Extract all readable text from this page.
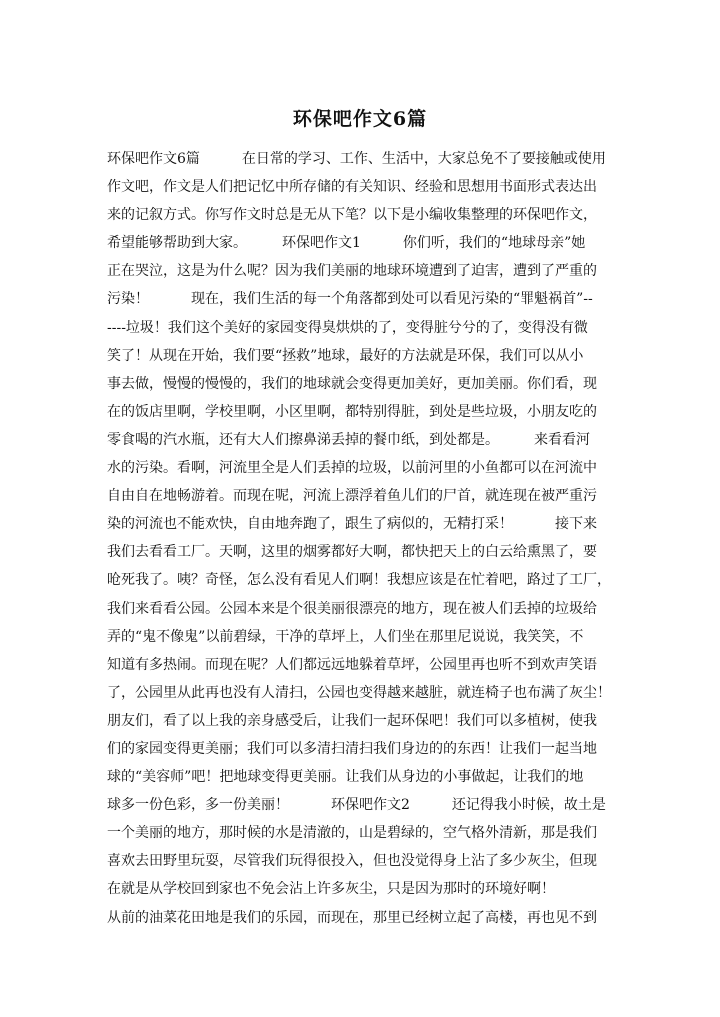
环保吧作文6篇
环保吧作文6篇　　　在日常的学习、工作、生活中，大家总免不了要接触或使用
作文吧，作文是人们把记忆中所存储的有关知识、经验和思想用书面形式表达出
来的记叙方式。你写作文时总是无从下笔？以下是小编收集整理的环保吧作文，
希望能够帮助到大家。　　　环保吧作文1　　　你们听，我们的“地球母亲”她
正在哭泣，这是为什么呢？因为我们美丽的地球环境遭到了迫害，遭到了严重的
污染！　　　现在，我们生活的每一个角落都到处可以看见污染的“罪魁祸首”--
----垃圾！我们这个美好的家园变得臭烘烘的了，变得脏兮兮的了，变得没有微
笑了！从现在开始，我们要“拯救”地球，最好的方法就是环保，我们可以从小
事去做，慢慢的慢慢的，我们的地球就会变得更加美好，更加美丽。你们看，现
在的饭店里啊，学校里啊，小区里啊，都特别得脏，到处是些垃圾，小朋友吃的
零食喝的汽水瓶，还有大人们擦鼻涕丢掉的餐巾纸，到处都是。　　　来看看河
水的污染。看啊，河流里全是人们丢掉的垃圾，以前河里的小鱼都可以在河流中
自由自在地畅游着。而现在呢，河流上漂浮着鱼儿们的尸首，就连现在被严重污
染的河流也不能欢快，自由地奔跑了，跟生了病似的，无精打采！　　　接下来
我们去看看工厂。天啊，这里的烟雾都好大啊，都快把天上的白云给熏黑了，要
呛死我了。咦？奇怪，怎么没有看见人们啊！我想应该是在忙着吧，路过了工厂，
我们来看看公园。公园本来是个很美丽很漂亮的地方，现在被人们丢掉的垃圾给
弄的“鬼不像鬼”以前碧绿，干净的草坪上，人们坐在那里尼说说，我笑笑，不
知道有多热闹。而现在呢？人们都远远地躲着草坪，公园里再也听不到欢声笑语
了，公园里从此再也没有人清扫，公园也变得越来越脏，就连椅子也布满了灰尘！
朋友们，看了以上我的亲身感受后，让我们一起环保吧！我们可以多植树，使我
们的家园变得更美丽；我们可以多清扫清扫我们身边的的东西！让我们一起当地
球的“美容师”吧！把地球变得更美丽。让我们从身边的小事做起，让我们的地
球多一份色彩，多一份美丽！　　　环保吧作文2　　　还记得我小时候，故土是
一个美丽的地方，那时候的水是清澈的，山是碧绿的，空气格外清新，那是我们
喜欢去田野里玩耍，尽管我们玩得很投入，但也没觉得身上沾了多少灰尘，但现
在就是从学校回到家也不免会沾上许多灰尘，只是因为那时的环境好啊！
从前的油菜花田地是我们的乐园，而现在，那里已经树立起了高楼，再也见不到
